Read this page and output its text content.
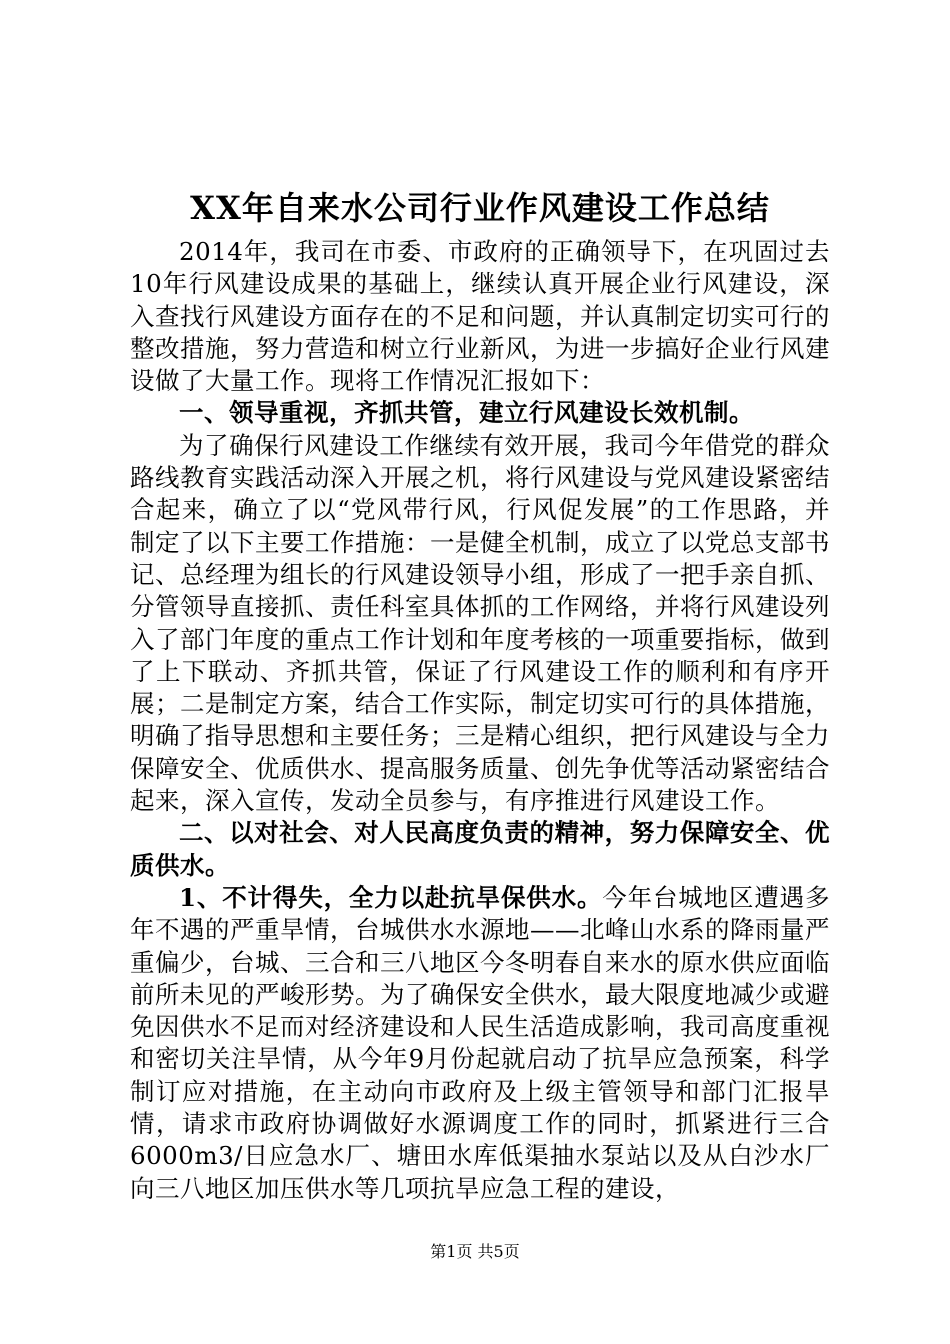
XX年自来水公司行业作风建设工作总结

2014年，我司在市委、市政府的正确领导下，在巩固过去10年行风建设成果的基础上，继续认真开展企业行风建设，深入查找行风建设方面存在的不足和问题，并认真制定切实可行的整改措施，努力营造和树立行业新风，为进一步搞好企业行风建设做了大量工作。现将工作情况汇报如下：

一、领导重视，齐抓共管，建立行风建设长效机制。

为了确保行风建设工作继续有效开展，我司今年借党的群众路线教育实践活动深入开展之机，将行风建设与党风建设紧密结合起来，确立了以“党风带行风，行风促发展”的工作思路，并制定了以下主要工作措施：一是健全机制，成立了以党总支部书记、总经理为组长的行风建设领导小组，形成了一把手亲自抓、分管领导直接抓、责任科室具体抓的工作网络，并将行风建设列入了部门年度的重点工作计划和年度考核的一项重要指标，做到了上下联动、齐抓共管，保证了行风建设工作的顺利和有序开展；二是制定方案，结合工作实际，制定切实可行的具体措施，明确了指导思想和主要任务；三是精心组织，把行风建设与全力保障安全、优质供水、提高服务质量、创先争优等活动紧密结合起来，深入宣传，发动全员参与，有序推进行风建设工作。

二、以对社会、对人民高度负责的精神，努力保障安全、优质供水。

1、不计得失，全力以赴抗旱保供水。今年台城地区遭遇多年不遇的严重旱情，台城供水水源地——北峰山水系的降雨量严重偏少，台城、三合和三八地区今冬明春自来水的原水供应面临前所未见的严峻形势。为了确保安全供水，最大限度地减少或避免因供水不足而对经济建设和人民生活造成影响，我司高度重视和密切关注旱情，从今年9月份起就启动了抗旱应急预案，科学制订应对措施，在主动向市政府及上级主管领导和部门汇报旱情，请求市政府协调做好水源调度工作的同时，抓紧进行三合6000m3/日应急水厂、塘田水库低渠抽水泵站以及从白沙水厂向三八地区加压供水等几项抗旱应急工程的建设，

第1页 共5页
